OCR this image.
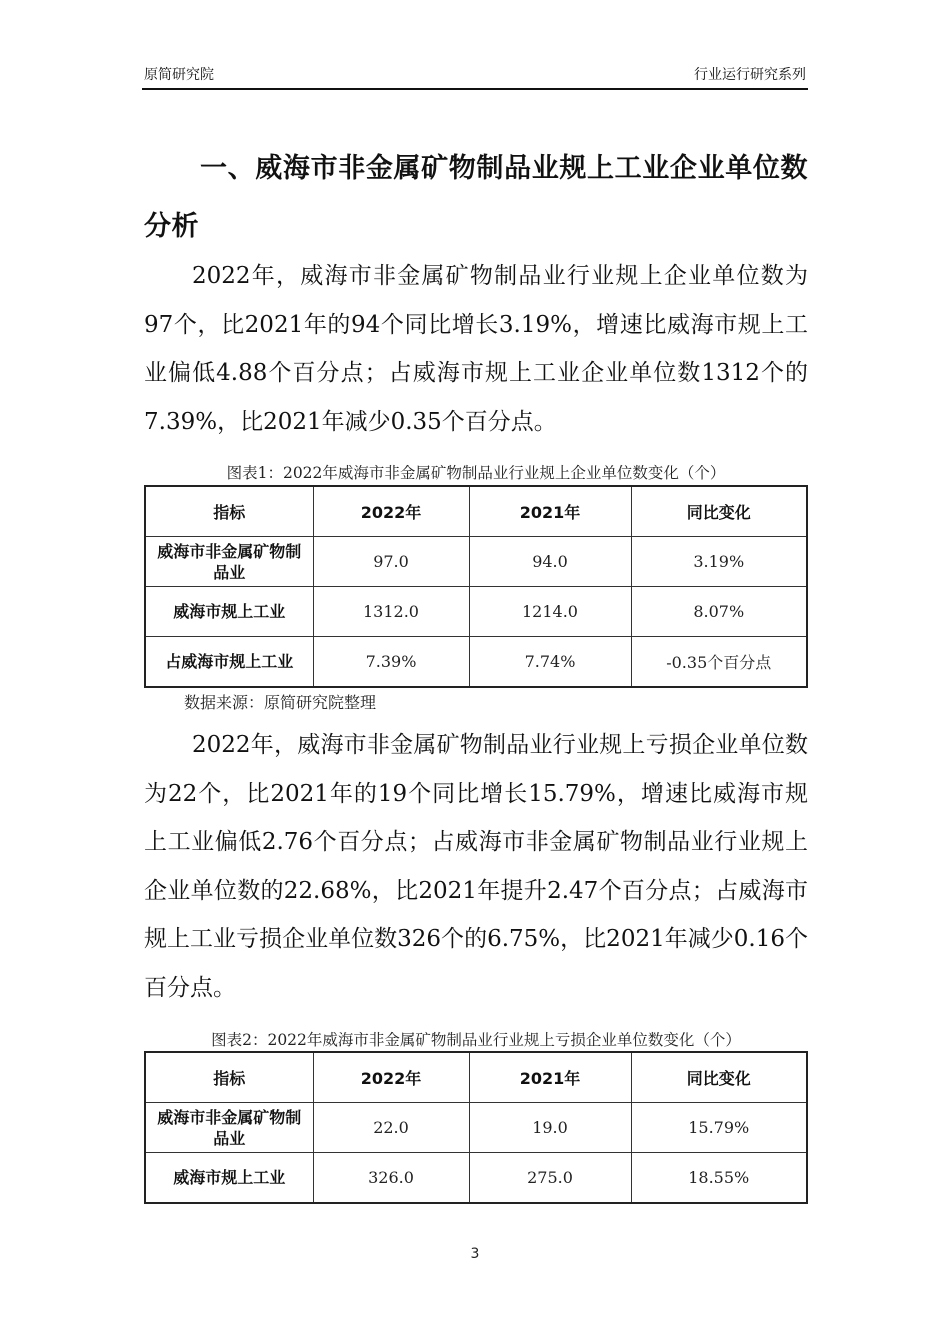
原简研究院	行业运行研究系列
一、威海市非金属矿物制品业规上工业企业单位数分析

2022年，威海市非金属矿物制品业行业规上企业单位数为97个，比2021年的94个同比增长3.19%，增速比威海市规上工业偏低4.88个百分点；占威海市规上工业企业单位数1312个的7.39%，比2021年减少0.35个百分点。

图表1：2022年威海市非金属矿物制品业行业规上企业单位数变化（个）
指标	2022年	2021年	同比变化
威海市非金属矿物制品业	97.0	94.0	3.19%
威海市规上工业	1312.0	1214.0	8.07%
占威海市规上工业	7.39%	7.74%	-0.35个百分点
数据来源：原简研究院整理

2022年，威海市非金属矿物制品业行业规上亏损企业单位数为22个，比2021年的19个同比增长15.79%，增速比威海市规上工业偏低2.76个百分点；占威海市非金属矿物制品业行业规上企业单位数的22.68%，比2021年提升2.47个百分点；占威海市规上工业亏损企业单位数326个的6.75%，比2021年减少0.16个百分点。

图表2：2022年威海市非金属矿物制品业行业规上亏损企业单位数变化（个）
指标	2022年	2021年	同比变化
威海市非金属矿物制品业	22.0	19.0	15.79%
威海市规上工业	326.0	275.0	18.55%
3
